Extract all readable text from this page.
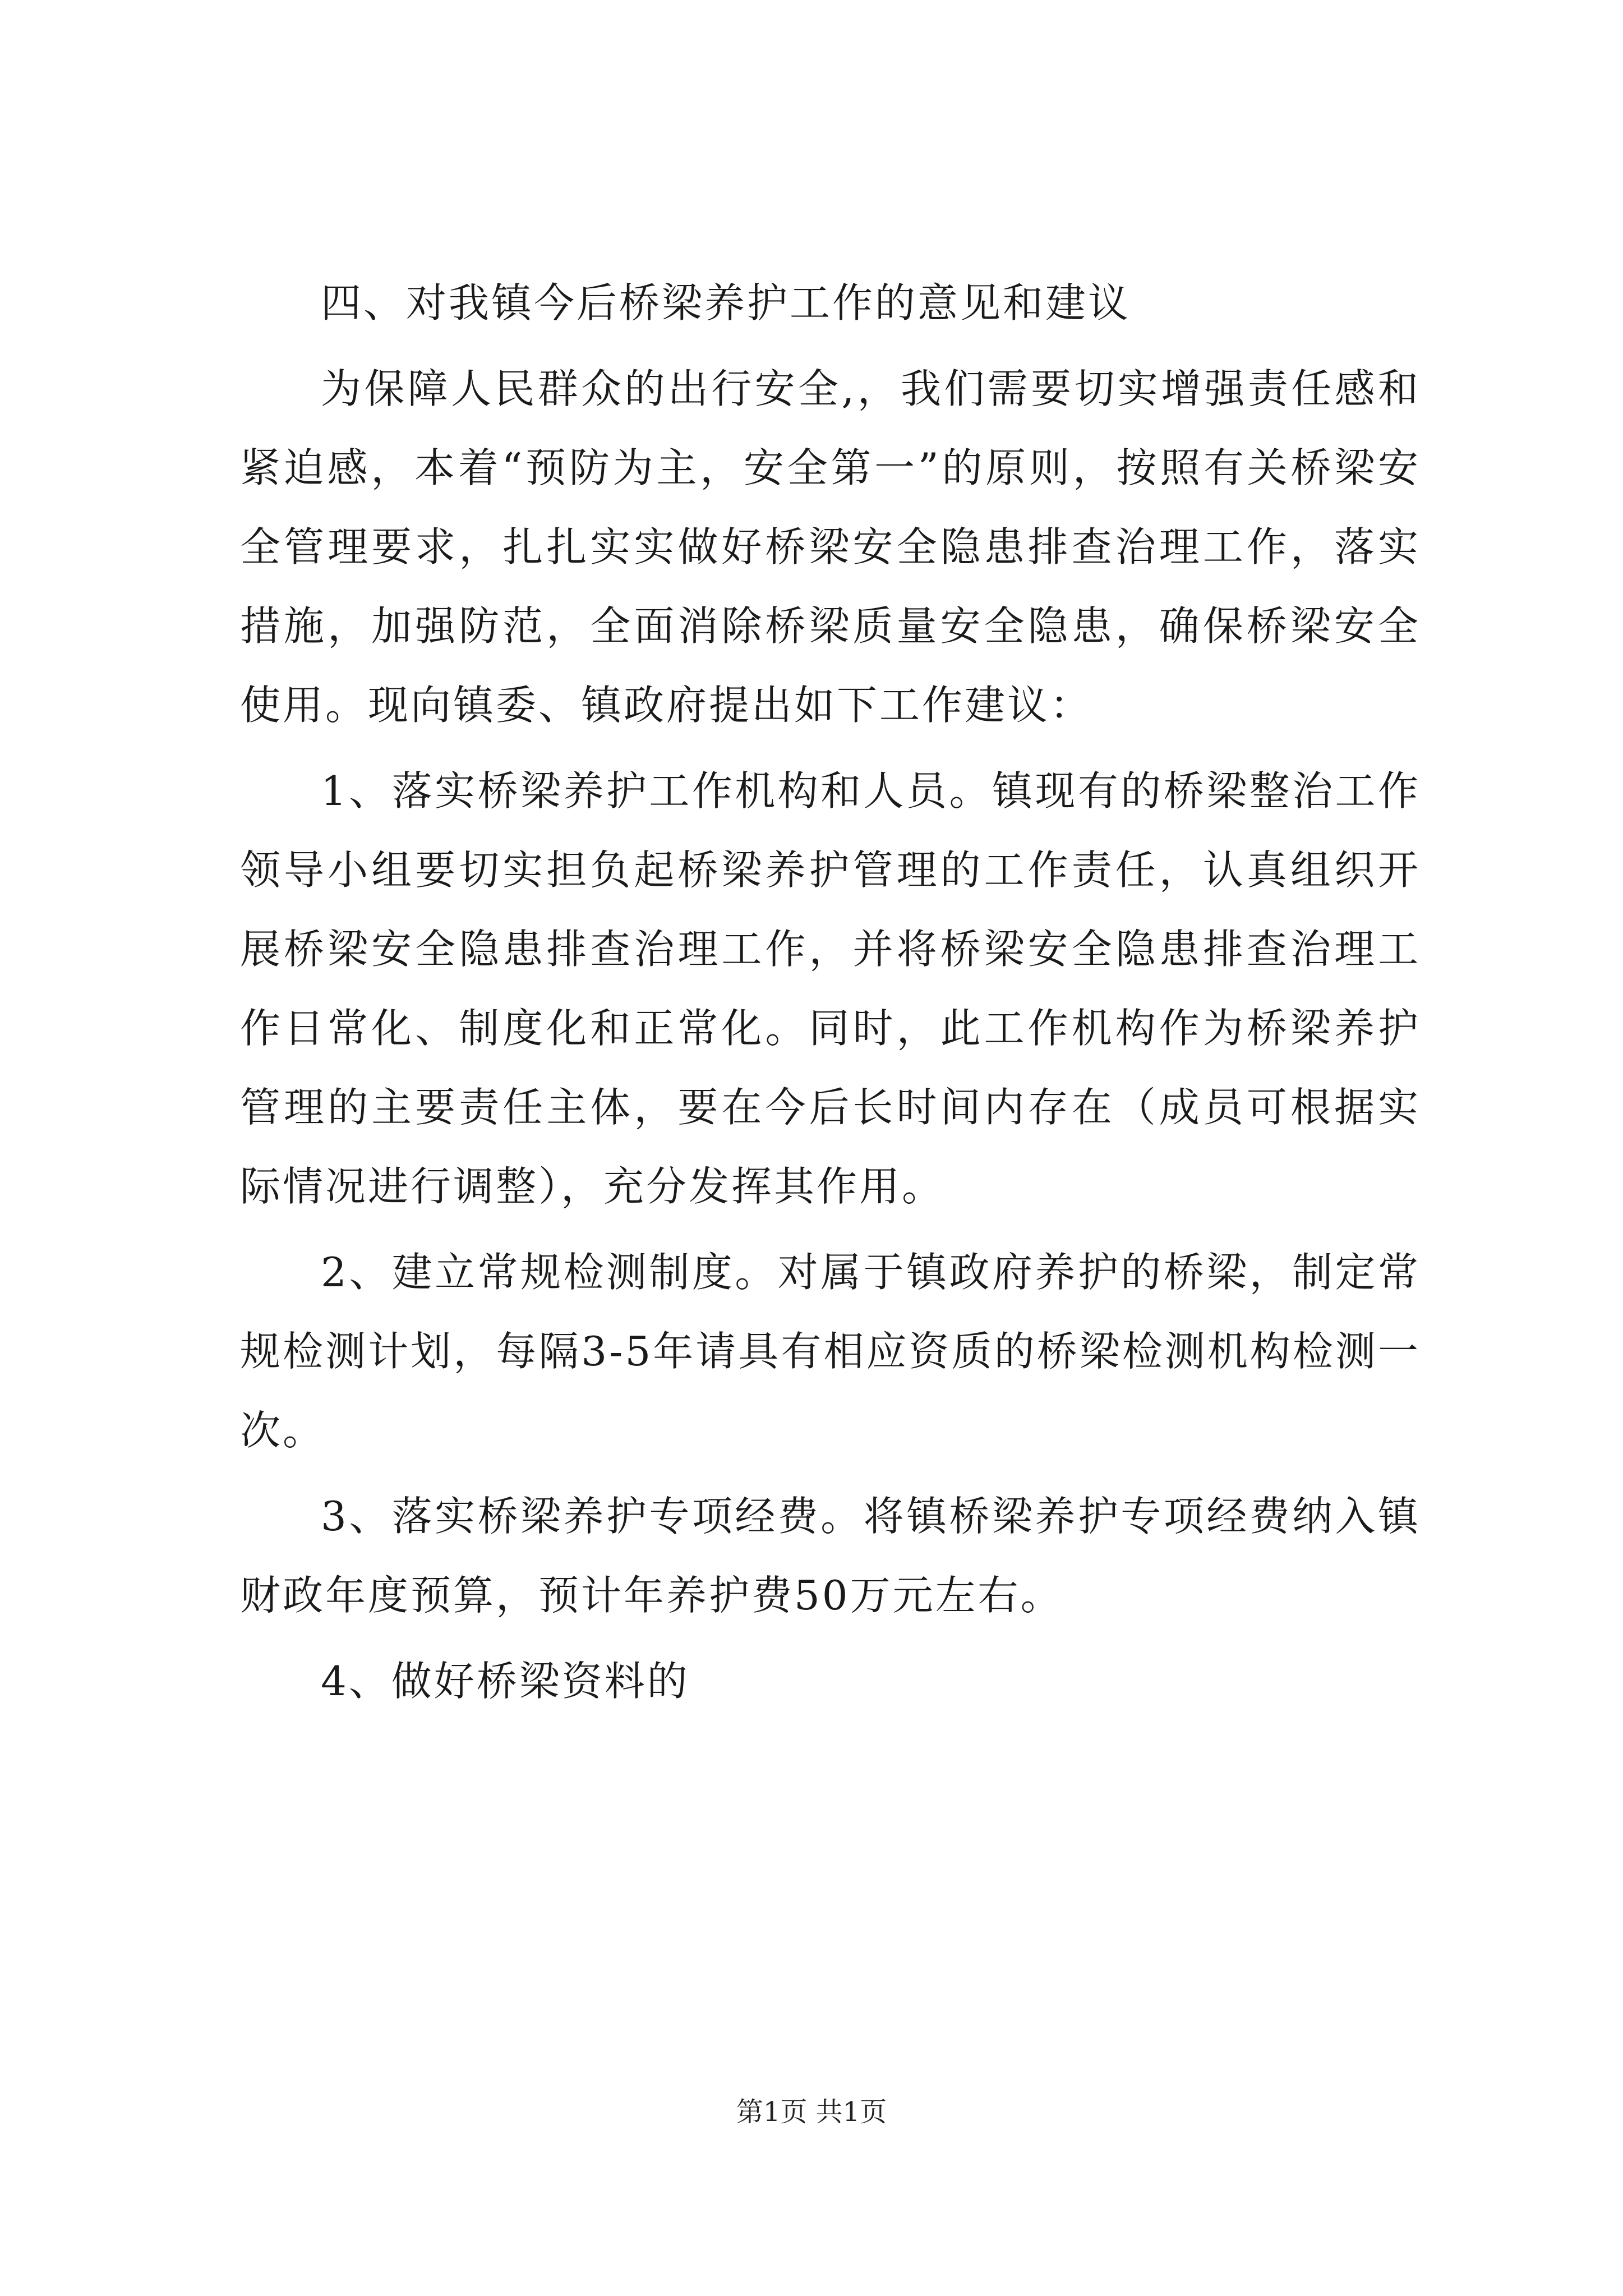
四、对我镇今后桥梁养护工作的意见和建议

为保障人民群众的出行安全,，我们需要切实增强责任感和紧迫感，本着“预防为主，安全第一”的原则，按照有关桥梁安全管理要求，扎扎实实做好桥梁安全隐患排查治理工作，落实措施，加强防范，全面消除桥梁质量安全隐患，确保桥梁安全使用。现向镇委、镇政府提出如下工作建议：

1、落实桥梁养护工作机构和人员。镇现有的桥梁整治工作领导小组要切实担负起桥梁养护管理的工作责任，认真组织开展桥梁安全隐患排查治理工作，并将桥梁安全隐患排查治理工作日常化、制度化和正常化。同时，此工作机构作为桥梁养护管理的主要责任主体，要在今后长时间内存在（成员可根据实际情况进行调整），充分发挥其作用。

2、建立常规检测制度。对属于镇政府养护的桥梁，制定常规检测计划，每隔3-5年请具有相应资质的桥梁检测机构检测一次。

3、落实桥梁养护专项经费。将镇桥梁养护专项经费纳入镇财政年度预算，预计年养护费50万元左右。

4、做好桥梁资料的

第1页 共1页
